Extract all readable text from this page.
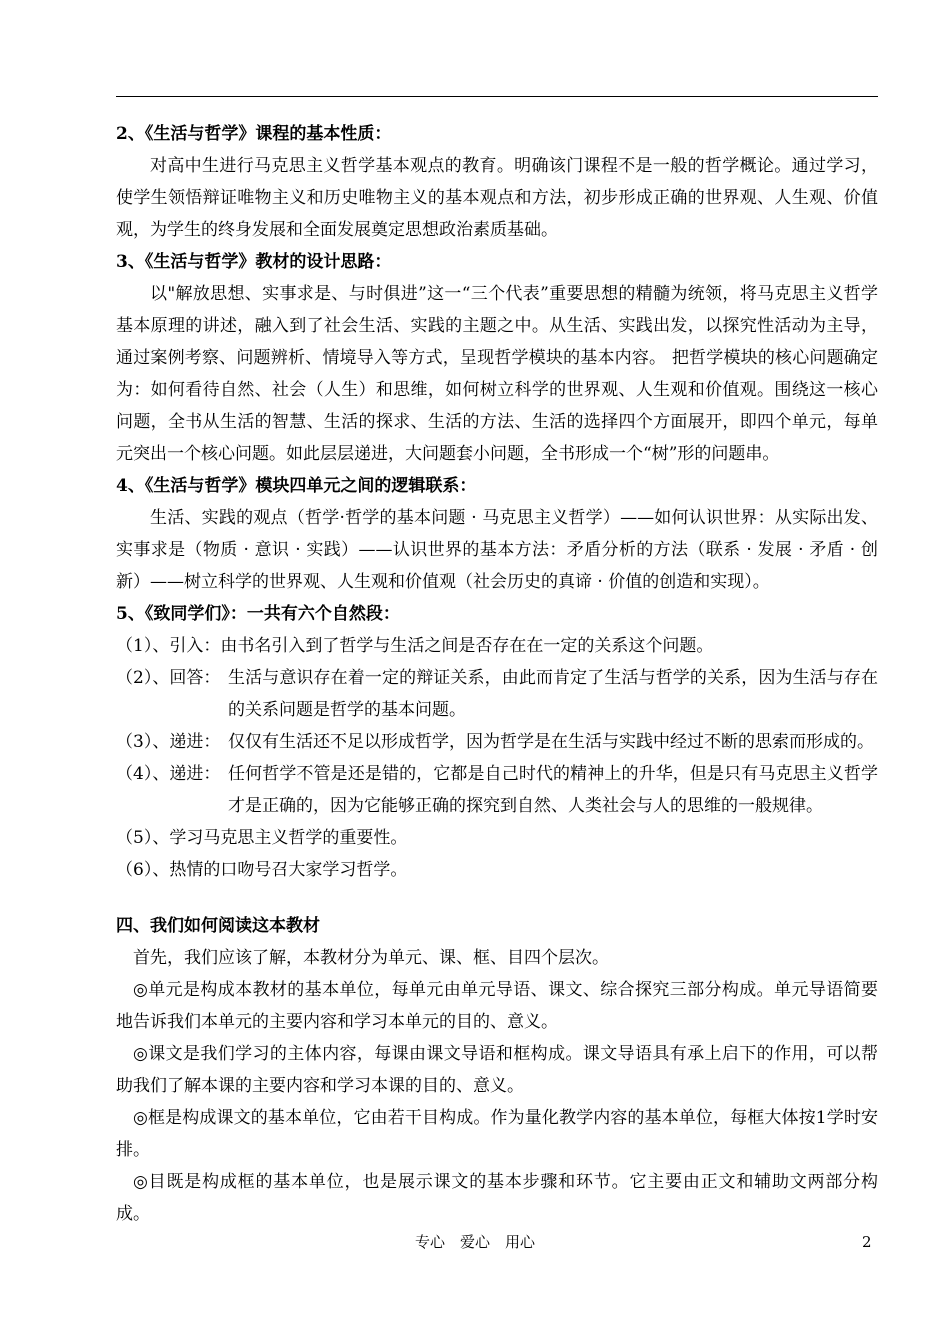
2、《生活与哲学》课程的基本性质：

对高中生进行马克思主义哲学基本观点的教育。明确该门课程不是一般的哲学概论。通过学习，使学生领悟辩证唯物主义和历史唯物主义的基本观点和方法，初步形成正确的世界观、人生观、价值观，为学生的终身发展和全面发展奠定思想政治素质基础。

3、《生活与哲学》教材的设计思路：

以"解放思想、实事求是、与时俱进”这一“三个代表”重要思想的精髓为统领，将马克思主义哲学基本原理的讲述，融入到了社会生活、实践的主题之中。从生活、实践出发，以探究性活动为主导，通过案例考察、问题辨析、情境导入等方式，呈现哲学模块的基本内容。 把哲学模块的核心问题确定为：如何看待自然、社会（人生）和思维，如何树立科学的世界观、人生观和价值观。围绕这一核心问题，全书从生活的智慧、生活的探求、生活的方法、生活的选择四个方面展开，即四个单元，每单元突出一个核心问题。如此层层递进，大问题套小问题，全书形成一个“树”形的问题串。

4、《生活与哲学》模块四单元之间的逻辑联系：

生活、实践的观点（哲学·哲学的基本问题 · 马克思主义哲学）——如何认识世界：从实际出发、实事求是（物质 · 意识 · 实践）——认识世界的基本方法：矛盾分析的方法（联系 · 发展 · 矛盾 · 创新）——树立科学的世界观、人生观和价值观（社会历史的真谛 · 价值的创造和实现）。

5、《致同学们》：一共有六个自然段：

（1）、引入： 由书名引入到了哲学与生活之间是否存在在一定的关系这个问题。
（2）、回答： 生活与意识存在着一定的辩证关系，由此而肯定了生活与哲学的关系，因为生活与存在的关系问题是哲学的基本问题。
（3）、递进： 仅仅有生活还不足以形成哲学，因为哲学是在生活与实践中经过不断的思索而形成的。
（4）、递进： 任何哲学不管是还是错的，它都是自己时代的精神上的升华，但是只有马克思主义哲学才是正确的，因为它能够正确的探究到自然、人类社会与人的思维的一般规律。
（5）、 学习马克思主义哲学的重要性。
（6）、 热情的口吻号召大家学习哲学。

四、我们如何阅读这本教材

首先，我们应该了解，本教材分为单元、课、框、目四个层次。

◎单元是构成本教材的基本单位，每单元由单元导语、课文、综合探究三部分构成。单元导语简要地告诉我们本单元的主要内容和学习本单元的目的、意义。

◎课文是我们学习的主体内容，每课由课文导语和框构成。课文导语具有承上启下的作用，可以帮助我们了解本课的主要内容和学习本课的目的、意义。

◎框是构成课文的基本单位，它由若干目构成。作为量化教学内容的基本单位，每框大体按1学时安排。

◎目既是构成框的基本单位，也是展示课文的基本步骤和环节。它主要由正文和辅助文两部分构成。

专心　爱心　用心	2
